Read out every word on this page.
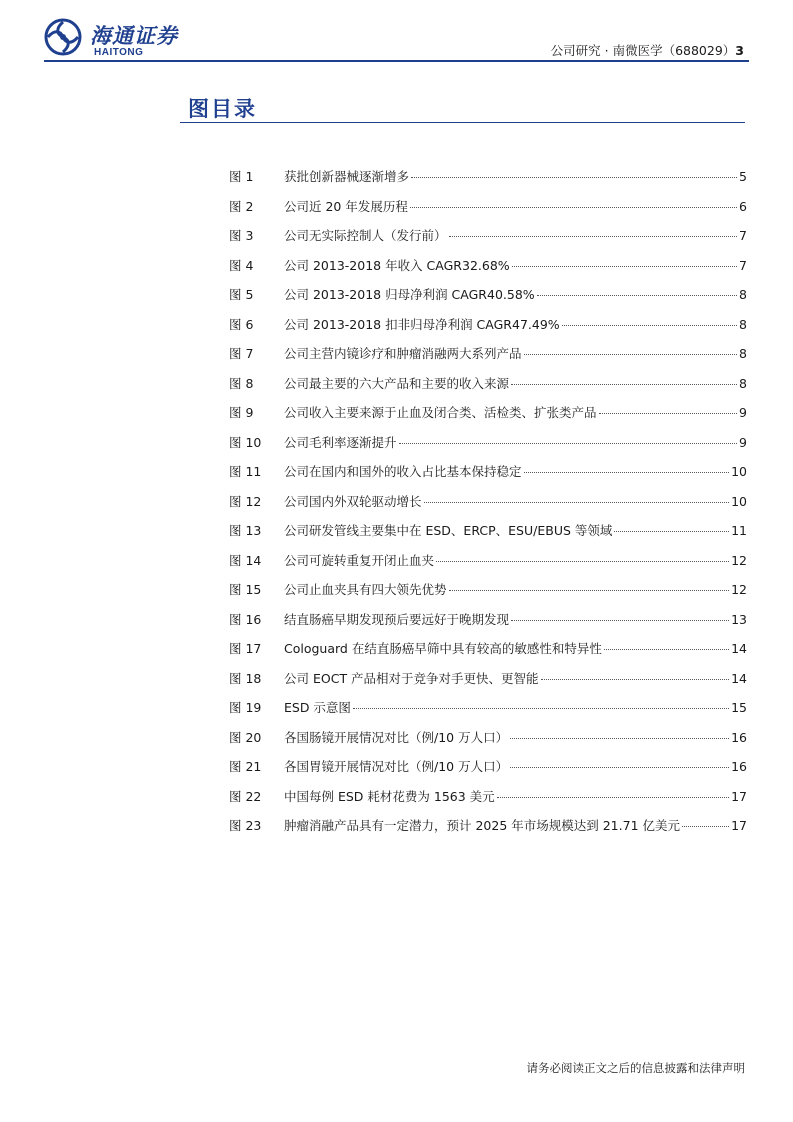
海通证券
HAITONG	公司研究 · 南微医学（688029）3
图目录
图 1	获批创新器械逐渐增多	5
图 2	公司近 20 年发展历程	6
图 3	公司无实际控制人（发行前）	7
图 4	公司 2013-2018 年收入 CAGR32.68%	7
图 5	公司 2013-2018 归母净利润 CAGR40.58%	8
图 6	公司 2013-2018 扣非归母净利润 CAGR47.49%	8
图 7	公司主营内镜诊疗和肿瘤消融两大系列产品	8
图 8	公司最主要的六大产品和主要的收入来源	8
图 9	公司收入主要来源于止血及闭合类、活检类、扩张类产品	9
图 10	公司毛利率逐渐提升	9
图 11	公司在国内和国外的收入占比基本保持稳定	10
图 12	公司国内外双轮驱动增长	10
图 13	公司研发管线主要集中在 ESD、ERCP、ESU/EBUS 等领域	11
图 14	公司可旋转重复开闭止血夹	12
图 15	公司止血夹具有四大领先优势	12
图 16	结直肠癌早期发现预后要远好于晚期发现	13
图 17	Cologuard 在结直肠癌早筛中具有较高的敏感性和特异性	14
图 18	公司 EOCT 产品相对于竞争对手更快、更智能	14
图 19	ESD 示意图	15
图 20	各国肠镜开展情况对比（例/10 万人口）	16
图 21	各国胃镜开展情况对比（例/10 万人口）	16
图 22	中国每例 ESD 耗材花费为 1563 美元	17
图 23	肿瘤消融产品具有一定潜力，预计 2025 年市场规模达到 21.71 亿美元	17
请务必阅读正文之后的信息披露和法律声明
